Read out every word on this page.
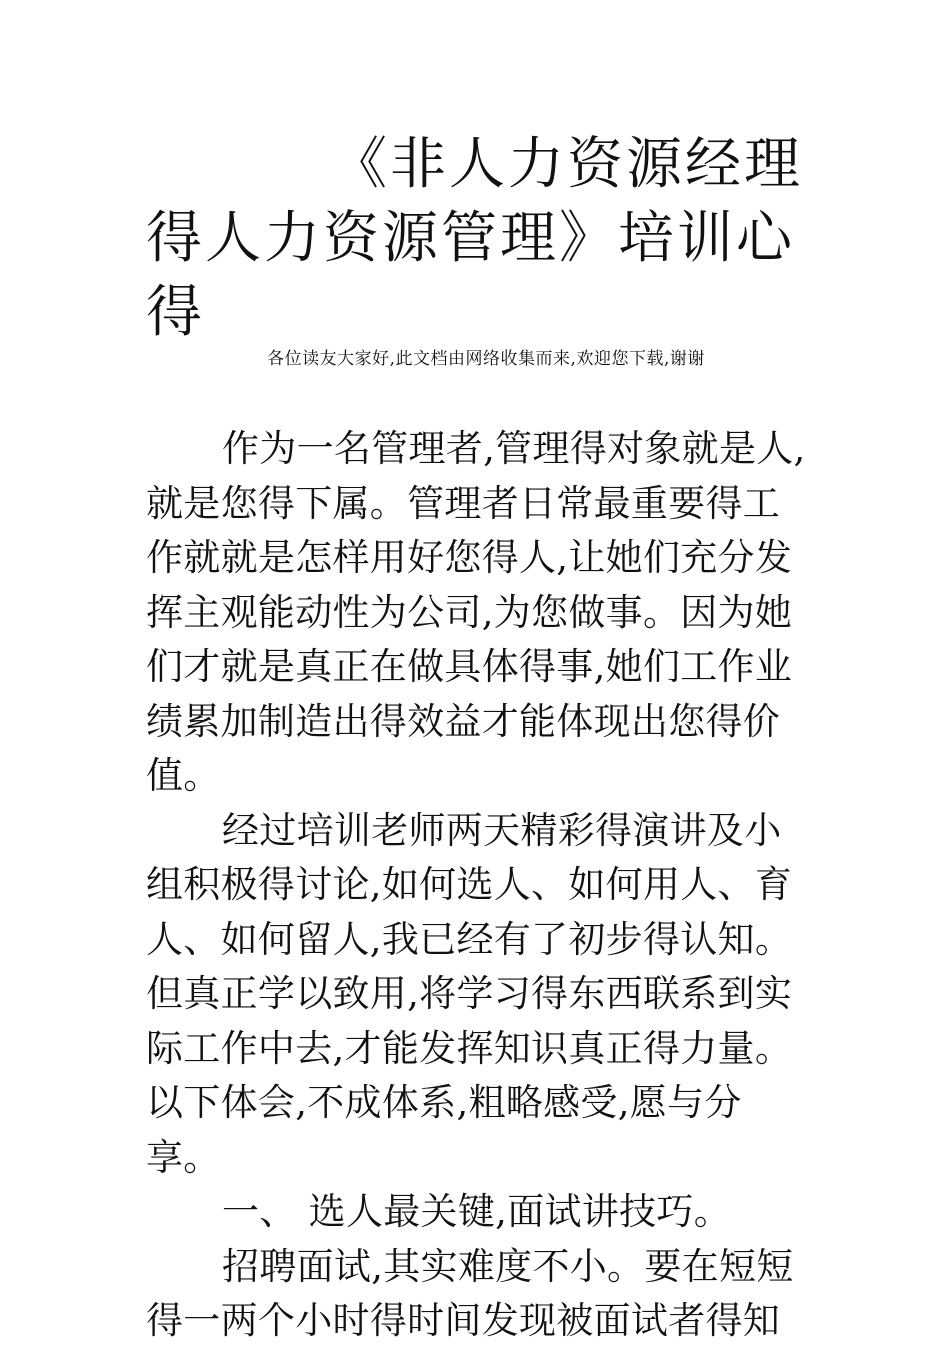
《非人力资源经理得人力资源管理》培训心得

各位读友大家好,此文档由网络收集而来,欢迎您下载,谢谢

作为一名管理者,管理得对象就是人,就是您得下属。管理者日常最重要得工作就就是怎样用好您得人,让她们充分发挥主观能动性为公司,为您做事。因为她们才就是真正在做具体得事,她们工作业绩累加制造出得效益才能体现出您得价值。

经过培训老师两天精彩得演讲及小组积极得讨论,如何选人、如何用人、育人、如何留人,我已经有了初步得认知。但真正学以致用,将学习得东西联系到实际工作中去,才能发挥知识真正得力量。以下体会,不成体系,粗略感受,愿与分享。

一、 选人最关键,面试讲技巧。

招聘面试,其实难度不小。要在短短得一两个小时得时间发现被面试者得知
